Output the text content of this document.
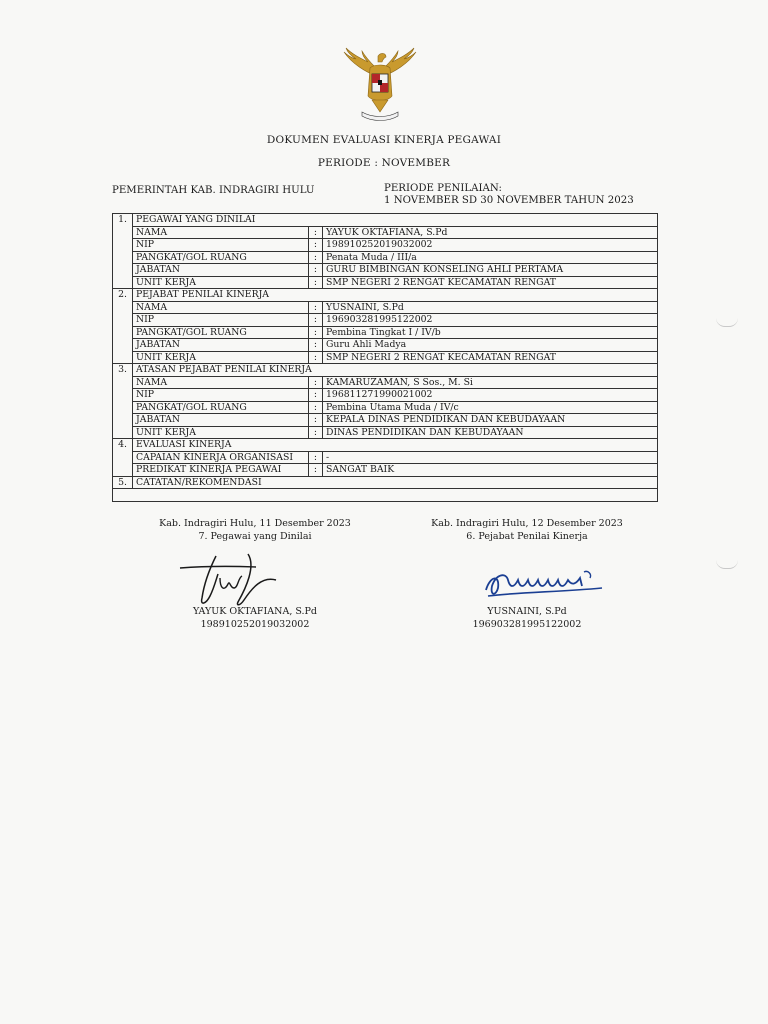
DOKUMEN EVALUASI KINERJA PEGAWAI
PERIODE : NOVEMBER
PEMERINTAH KAB. INDRAGIRI HULU	PERIODE PENILAIAN:
1 NOVEMBER SD 30 NOVEMBER TAHUN 2023
1.	PEGAWAI YANG DINILAI		
	NAMA	:	YAYUK OKTAFIANA, S.Pd
	NIP	:	198910252019032002
	PANGKAT/GOL RUANG	:	Penata Muda / III/a
	JABATAN	:	GURU BIMBINGAN KONSELING AHLI PERTAMA
	UNIT KERJA	:	SMP NEGERI 2 RENGAT KECAMATAN RENGAT
2.	PEJABAT PENILAI KINERJA		
	NAMA	:	YUSNAINI, S.Pd
	NIP	:	196903281995122002
	PANGKAT/GOL RUANG	:	Pembina Tingkat I / IV/b
	JABATAN	:	Guru Ahli Madya
	UNIT KERJA	:	SMP NEGERI 2 RENGAT KECAMATAN RENGAT
3.	ATASAN PEJABAT PENILAI KINERJA		
	NAMA	:	KAMARUZAMAN, S Sos., M. Si
	NIP	:	196811271990021002
	PANGKAT/GOL RUANG	:	Pembina Utama Muda / IV/c
	JABATAN	:	KEPALA DINAS PENDIDIKAN DAN KEBUDAYAAN
	UNIT KERJA	:	DINAS PENDIDIKAN DAN KEBUDAYAAN
4.	EVALUASI KINERJA		
	CAPAIAN KINERJA ORGANISASI	:	-
	PREDIKAT KINERJA PEGAWAI	:	SANGAT BAIK
5.	CATATAN/REKOMENDASI		

Kab. Indragiri Hulu, 11 Desember 2023
7. Pegawai yang Dinilai
YAYUK OKTAFIANA, S.Pd
198910252019032002
Kab. Indragiri Hulu, 12 Desember 2023
6. Pejabat Penilai Kinerja
YUSNAINI, S.Pd
196903281995122002
